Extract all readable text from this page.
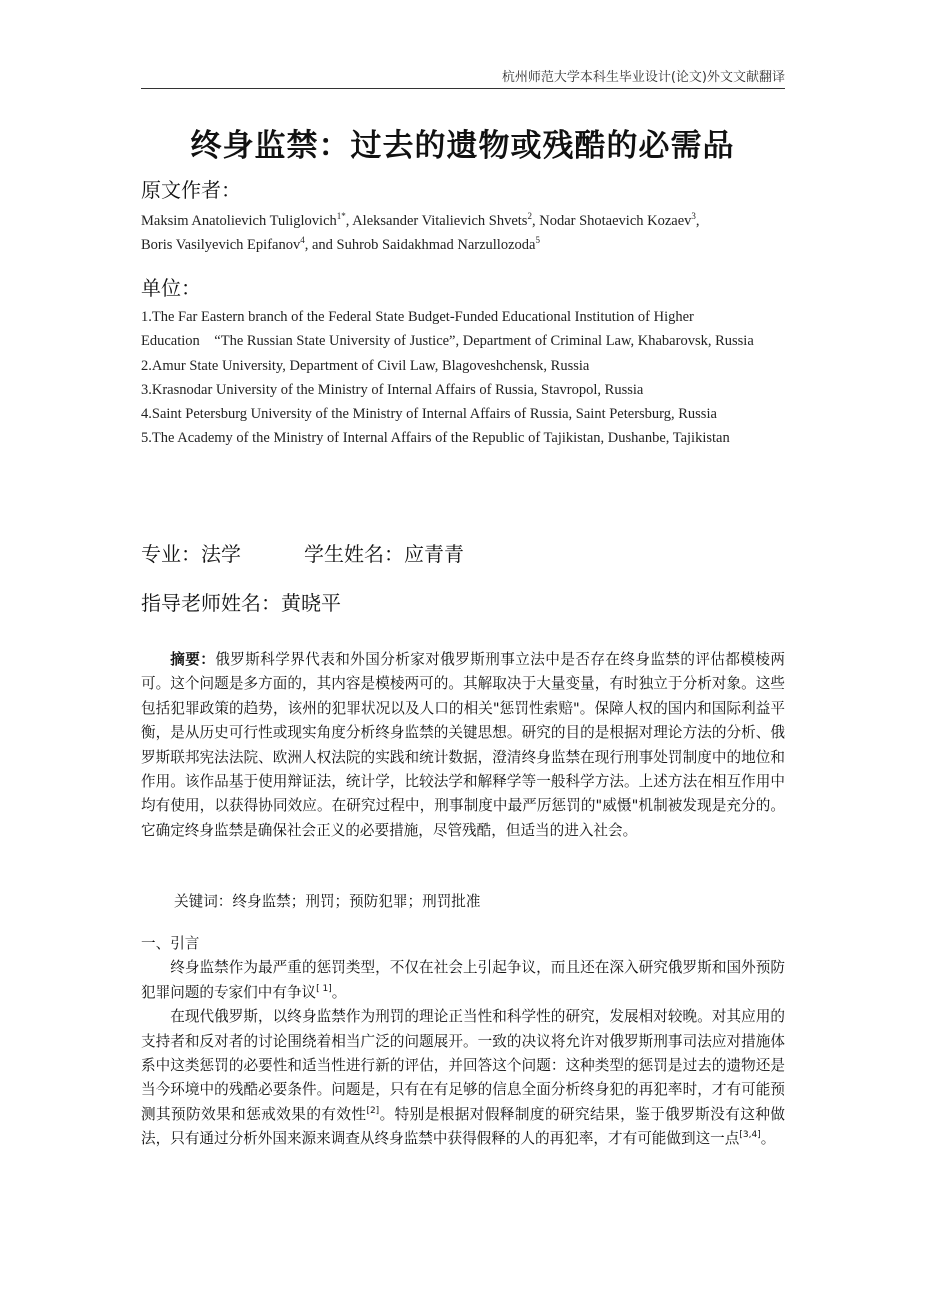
杭州师范大学本科生毕业设计(论文)外文文献翻译
终身监禁：过去的遗物或残酷的必需品
原文作者：
Maksim Anatolievich Tuliglovich$^{1*}$, Aleksander Vitalievich Shvets$^2$, Nodar Shotaevich Kozaev$^3$,
Boris Vasilyevich Epifanov$^4$, and Suhrob Saidakhmad Narzullozoda$^5$
单位：

1.The Far Eastern branch of the Federal State Budget-Funded Educational Institution of Higher Education　“The Russian State University of Justice”, Department of Criminal Law, Khabarovsk, Russia

2.Amur State University, Department of Civil Law, Blagoveshchensk, Russia

3.Krasnodar University of the Ministry of Internal Affairs of Russia, Stavropol, Russia

4.Saint Petersburg University of the Ministry of Internal Affairs of Russia, Saint Petersburg, Russia

5.The Academy of the Ministry of Internal Affairs of the Republic of Tajikistan, Dushanbe, Tajikistan

专业：法学	学生姓名：应青青
指导老师姓名：黄晓平

摘要：俄罗斯科学界代表和外国分析家对俄罗斯刑事立法中是否存在终身监禁的评估都模棱两可。这个问题是多方面的，其内容是模棱两可的。其解取决于大量变量，有时独立于分析对象。这些包括犯罪政策的趋势，该州的犯罪状况以及人口的相关"惩罚性索赔"。保障人权的国内和国际利益平衡，是从历史可行性或现实角度分析终身监禁的关键思想。研究的目的是根据对理论方法的分析、俄罗斯联邦宪法法院、欧洲人权法院的实践和统计数据，澄清终身监禁在现行刑事处罚制度中的地位和作用。该作品基于使用辩证法，统计学，比较法学和解释学等一般科学方法。上述方法在相互作用中均有使用，以获得协同效应。在研究过程中，刑事制度中最严厉惩罚的"威慑"机制被发现是充分的。它确定终身监禁是确保社会正义的必要措施，尽管残酷，但适当的进入社会。

关键词：终身监禁；刑罚；预防犯罪；刑罚批准

一、引言

终身监禁作为最严重的惩罚类型，不仅在社会上引起争议，而且还在深入研究俄罗斯和国外预防犯罪问题的专家们中有争议[ 1]。

在现代俄罗斯，以终身监禁作为刑罚的理论正当性和科学性的研究，发展相对较晚。对其应用的支持者和反对者的讨论围绕着相当广泛的问题展开。一致的决议将允许对俄罗斯刑事司法应对措施体系中这类惩罚的必要性和适当性进行新的评估，并回答这个问题：这种类型的惩罚是过去的遗物还是当今环境中的残酷必要条件。问题是，只有在有足够的信息全面分析终身犯的再犯率时，才有可能预测其预防效果和惩戒效果的有效性[2]。特别是根据对假释制度的研究结果，鉴于俄罗斯没有这种做法，只有通过分析外国来源来调查从终身监禁中获得假释的人的再犯率，才有可能做到这一点[3,4]。
